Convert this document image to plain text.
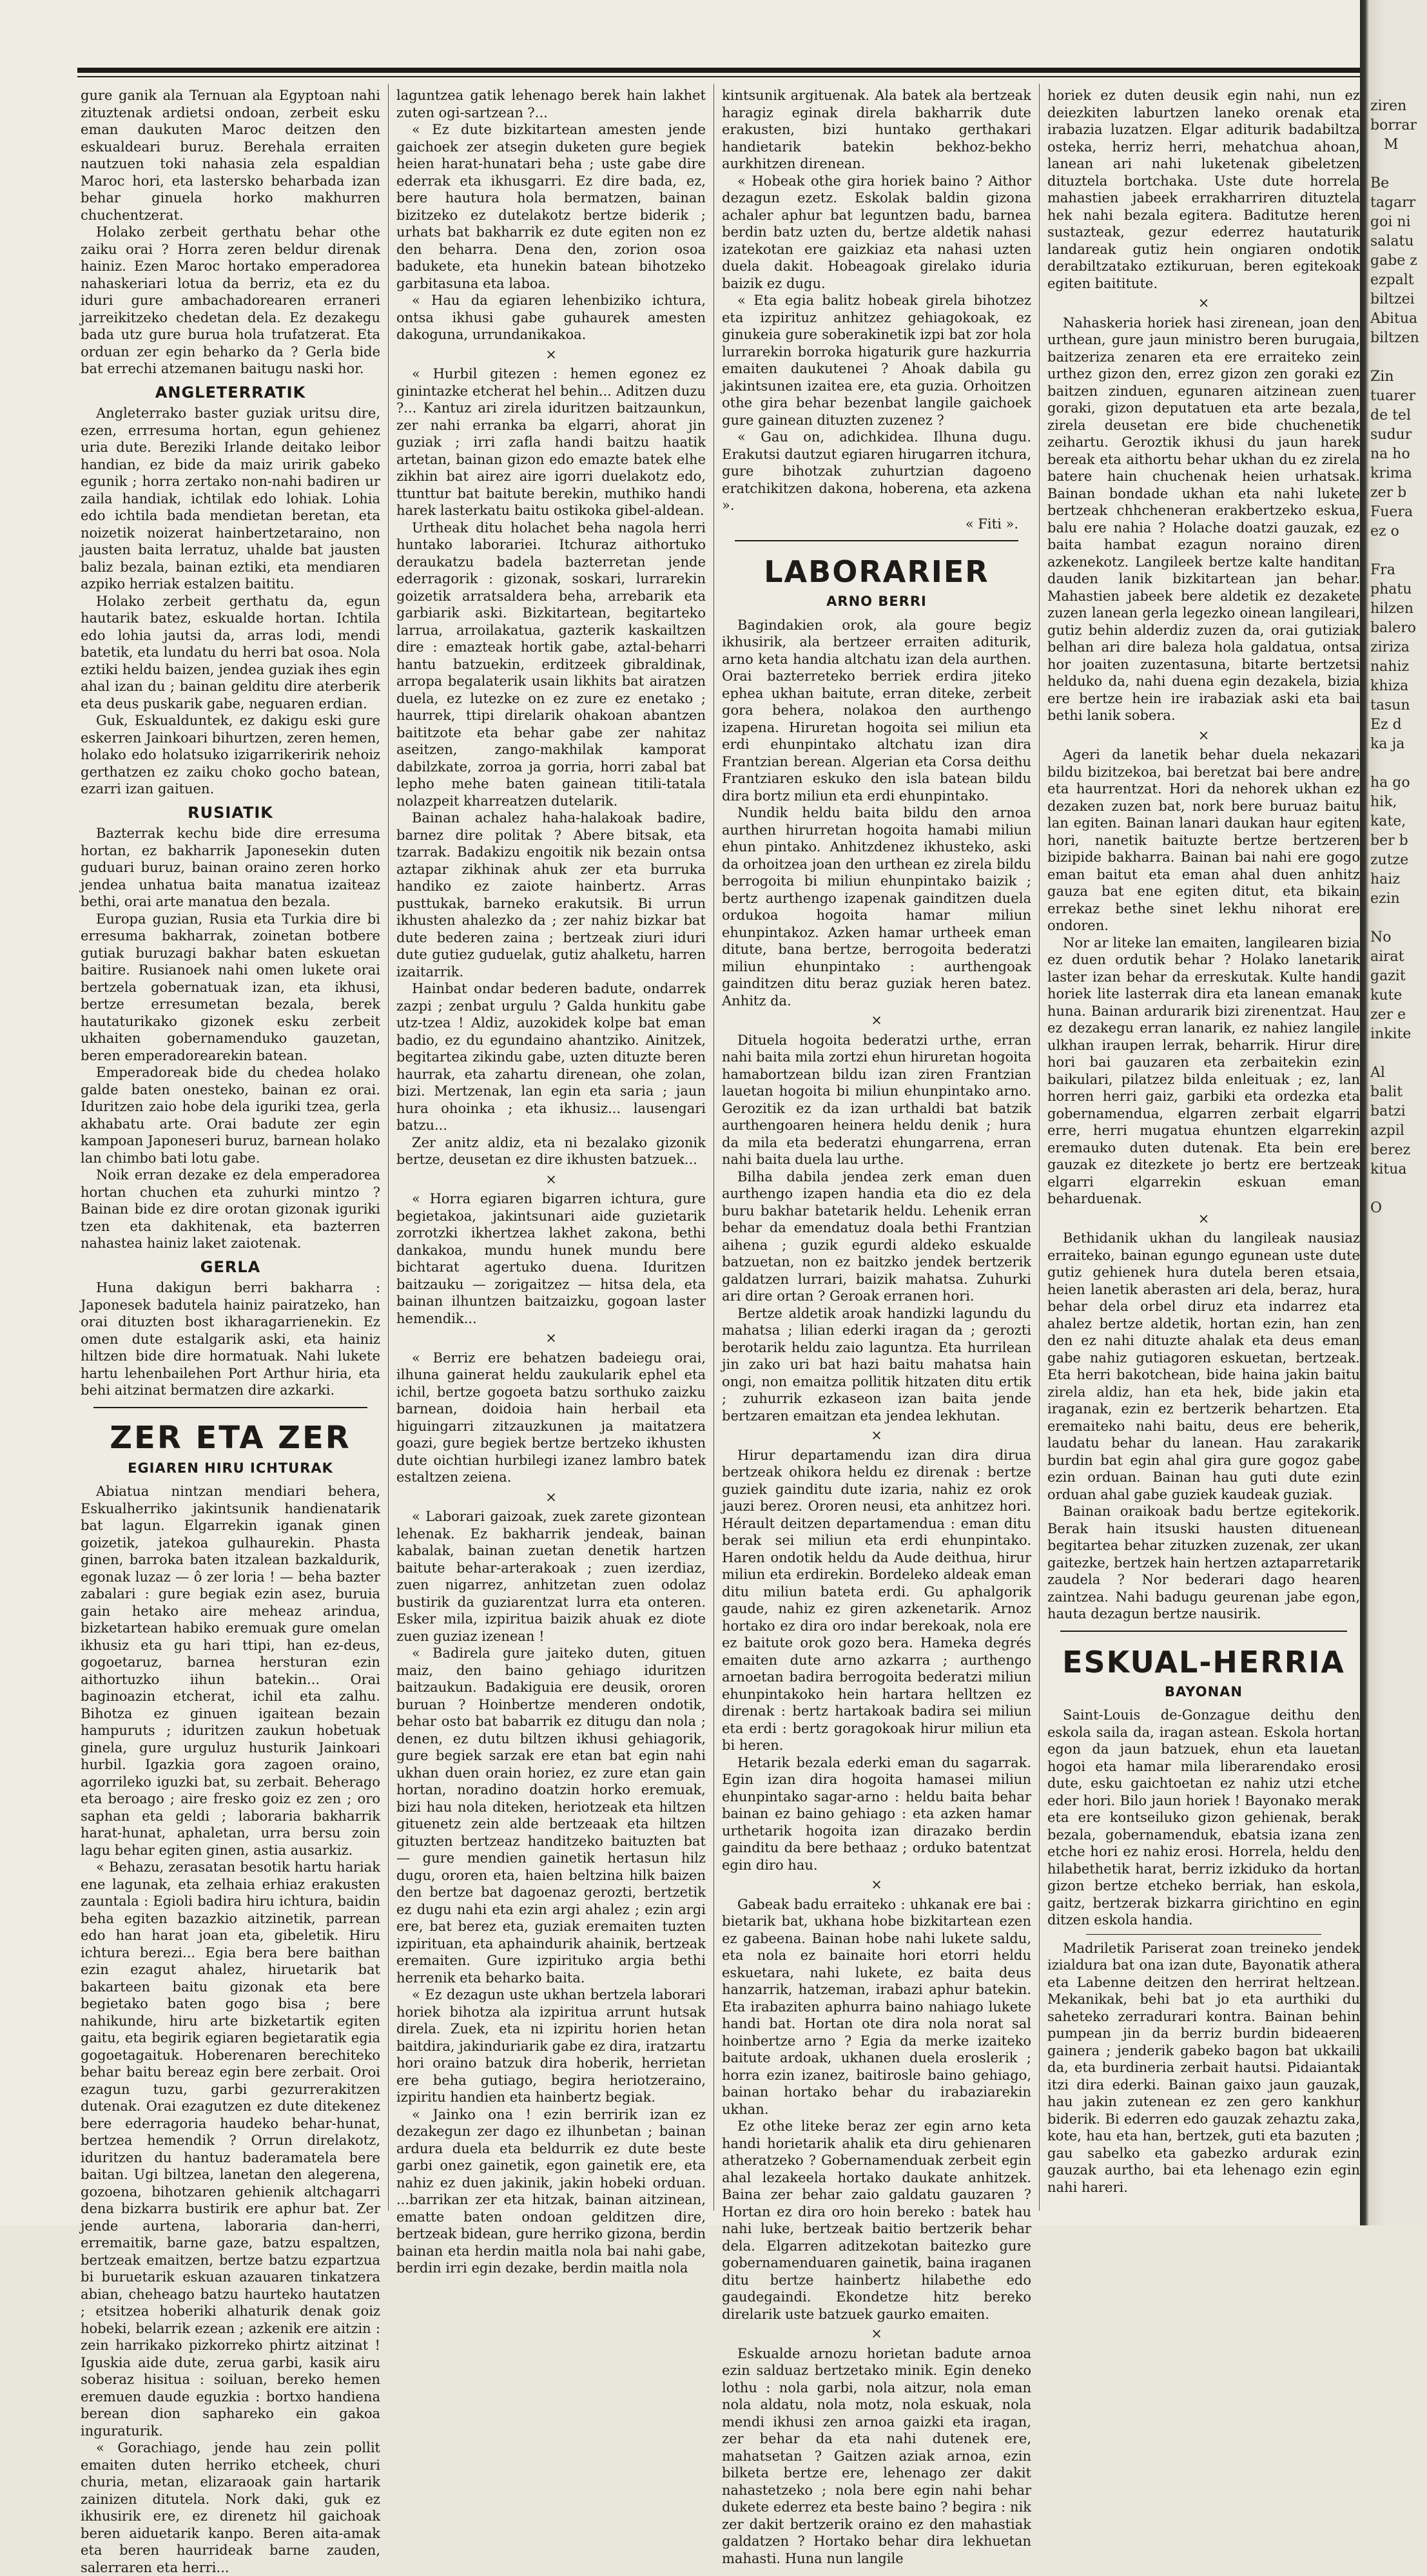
gure ganik ala Ternuan ala Egyptoan nahi zituztenak ardietsi ondoan, zerbeit esku eman daukuten Maroc deitzen den eskualdeari buruz. Berehala erraiten nautzuen toki nahasia zela espaldian Maroc hori, eta lastersko beharbada izan behar ginuela horko makhurren chuchentzerat.

Holako zerbeit gerthatu behar othe zaiku orai ? Horra zeren beldur direnak hainiz. Ezen Maroc hortako emperadorea nahaskeriari lotua da berriz, eta ez du iduri gure ambachadorearen erraneri jarreikitzeko chedetan dela. Ez dezakegu bada utz gure burua hola trufatzerat. Eta orduan zer egin beharko da ? Gerla bide bat errechi atzemanen baitugu naski hor.

ANGLETERRATIK

Angleterrako baster guziak uritsu dire, ezen, errresuma hortan, egun gehienez uria dute. Bereziki Irlande deitako leibor handian, ez bide da maiz uririk gabeko egunik ; horra zertako non-nahi badiren ur zaila handiak, ichtilak edo lohiak. Lohia edo ichtila bada mendietan beretan, eta noizetik noizerat hainbertzetaraino, non jausten baita lerratuz, uhalde bat jausten baliz bezala, bainan eztiki, eta mendiaren azpiko herriak estalzen baititu.

Holako zerbeit gerthatu da, egun hautarik batez, eskualde hortan. Ichtila edo lohia jautsi da, arras lodi, mendi batetik, eta lundatu du herri bat osoa. Nola eztiki heldu baizen, jendea guziak ihes egin ahal izan du ; bainan gelditu dire aterberik eta deus puskarik gabe, neguaren erdian.

Guk, Eskualduntek, ez dakigu eski gure eskerren Jainkoari bihurtzen, zeren hemen, holako edo holatsuko izigarrikeririk nehoiz gerthatzen ez zaiku choko gocho batean, ezarri izan gaituen.

RUSIATIK

Bazterrak kechu bide dire erresuma hortan, ez bakharrik Japonesekin duten guduari buruz, bainan oraino zeren horko jendea unhatua baita manatua izaiteaz bethi, orai arte manatua den bezala.

Europa guzian, Rusia eta Turkia dire bi erresuma bakharrak, zoinetan botbere gutiak buruzagi bakhar baten eskuetan baitire. Rusianoek nahi omen lukete orai bertzela gobernatuak izan, eta ikhusi, bertze erresumetan bezala, berek hautaturikako gizonek esku zerbeit ukhaiten gobernamenduko gauzetan, beren emperadorearekin batean.

Emperadoreak bide du chedea holako galde baten onesteko, bainan ez orai. Iduritzen zaio hobe dela iguriki tzea, gerla akhabatu arte. Orai badute zer egin kampoan Japoneseri buruz, barnean holako lan chimbo bati lotu gabe.

Noik erran dezake ez dela emperadorea hortan chuchen eta zuhurki mintzo ? Bainan bide ez dire orotan gizonak iguriki tzen eta dakhitenak, eta bazterren nahastea hainiz laket zaiotenak.

GERLA

Huna dakigun berri bakharra : Japonesek badutela hainiz pairatzeko, han orai dituzten bost ikharagarrienekin. Ez omen dute estalgarik aski, eta hainiz hiltzen bide dire hormatuak. Nahi lukete hartu lehenbailehen Port Arthur hiria, eta behi aitzinat bermatzen dire azkarki.

ZER ETA ZER
EGIAREN HIRU ICHTURAK

Abiatua nintzan mendiari behera, Eskualherriko jakintsunik handienatarik bat lagun. Elgarrekin iganak ginen goizetik, jatekoa gulhaurekin. Phasta ginen, barroka baten itzalean bazkaldurik, egonak luzaz — ô zer loria ! — beha bazter zabalari : gure begiak ezin asez, buruia gain hetako aire meheaz arindua, bizketartean habiko eremuak gure omelan ikhusiz eta gu hari ttipi, han ez-deus, gogoetaruz, barnea hersturan ezin aithortuzko iihun batekin... Orai baginoazin etcherat, ichil eta zalhu. Bihotza ez ginuen igaitean bezain hampuruts ; iduritzen zaukun hobetuak ginela, gure urguluz husturik Jainkoari hurbil. Igazkia gora zagoen oraino, agorrileko iguzki bat, su zerbait. Beherago eta beroago ; aire fresko goiz ez zen ; oro saphan eta geldi ; laboraria bakharrik harat-hunat, aphaletan, urra bersu zoin lagu behar egiten ginen, astia ausarkiz.

« Behazu, zerasatan besotik hartu hariak ene lagunak, eta zelhaia erhiaz erakusten zauntala : Egioli badira hiru ichtura, baidin beha egiten bazazkio aitzinetik, parrean edo han harat joan eta, gibeletik. Hiru ichtura berezi... Egia bera bere baithan ezin ezagut ahalez, hiruetarik bat bakarteen baitu gizonak eta bere begietako baten gogo bisa ; bere nahikunde, hiru arte bizketartik egiten gaitu, eta begirik egiaren begietaratik egia gogoetagaituk. Hoberenaren berechiteko behar baitu bereaz egin bere zerbait. Oroi ezagun tuzu, garbi gezurrerakitzen dutenak. Orai ezagutzen ez dute ditekenez bere ederragoria haudeko behar-hunat, bertzea hemendik ? Orrun direlakotz, iduritzen du hantuz baderamatela bere baitan. Ugi biltzea, lanetan den alegerena, gozoena, bihotzaren gehienik altchagarri dena bizkarra bustirik ere aphur bat. Zer jende aurtena, laboraria dan-herri, erremaitik, barne gaze, batzu espaltzen, bertzeak emaitzen, bertze batzu ezpartzua bi buruetarik eskuan azauaren tinkatzera abian, cheheago batzu haurteko hautatzen ; etsitzea hoberiki alhaturik denak goiz hobeki, belarrik ezean ; azkenik ere aitzin : zein harrikako pizkorreko phirtz aitzinat ! Iguskia aide dute, zerua garbi, kasik airu soberaz hisitua : soiluan, bereko hemen eremuen daude eguzkia : bortxo handiena berean dion saphareko ein gakoa inguraturik.

« Gorachiago, jende hau zein pollit emaiten duten herriko etcheek, churi churia, metan, elizaraoak gain hartarik zainizen ditutela. Nork daki, guk ez ikhusirik ere, ez direnetz hil gaichoak beren aiduetarik kanpo. Beren aita-amak eta beren haurrideak barne zauden, salerraren eta herri...

laguntzea gatik lehenago berek hain lakhet zuten ogi-sartzean ?...

« Ez dute bizkitartean amesten jende gaichoek zer atsegin duketen gure begiek heien harat-hunatari beha ; uste gabe dire ederrak eta ikhusgarri. Ez dire bada, ez, bere hautura hola bermatzen, bainan bizitzeko ez dutelakotz bertze biderik ; urhats bat bakharrik ez dute egiten non ez den beharra. Dena den, zorion osoa badukete, eta hunekin batean bihotzeko garbitasuna eta laboa.

« Hau da egiaren lehenbiziko ichtura, ontsa ikhusi gabe guhaurek amesten dakoguna, urrundanikakoa.

×

« Hurbil gitezen : hemen egonez ez ginintazke etcherat hel behin... Aditzen duzu ?... Kantuz ari zirela iduritzen baitzaunkun, zer nahi erranka ba elgarri, ahorat jin guziak ; irri zafla handi baitzu haatik artetan, bainan gizon edo emazte batek elhe zikhin bat airez aire igorri duelakotz edo, ttunttur bat baitute berekin, muthiko handi harek lasterkatu baitu ostikoka gibel-aldean.

Urtheak ditu holachet beha nagola herri huntako laborariei. Itchuraz aithortuko deraukatzu badela bazterretan jende ederragorik : gizonak, soskari, lurrarekin goizetik arratsaldera beha, arrebarik eta garbiarik aski. Bizkitartean, begitarteko larrua, arroilakatua, gazterik kaskailtzen dire : emazteak hortik gabe, aztal-beharri hantu batzuekin, erditzeek gibraldinak, arropa begalaterik usain likhits bat airatzen duela, ez lutezke on ez zure ez enetako ; haurrek, ttipi direlarik ohakoan abantzen baititzote eta behar gabe zer nahitaz aseitzen, zango-makhilak kamporat dabilzkate, zorroa ja gorria, horri zabal bat lepho mehe baten gainean titili-tatala nolazpeit kharreatzen dutelarik.

Bainan achalez haha-halakoak badire, barnez dire politak ? Abere bitsak, eta tzarrak. Badakizu engoitik nik bezain ontsa aztapar zikhinak ahuk zer eta burruka handiko ez zaiote hainbertz. Arras pusttukak, barneko erakutsik. Bi urrun ikhusten ahalezko da ; zer nahiz bizkar bat dute bederen zaina ; bertzeak ziuri iduri dute gutiez guduelak, gutiz ahalketu, harren izaitarrik.

Hainbat ondar bederen badute, ondarrek zazpi ; zenbat urgulu ? Galda hunkitu gabe utz-tzea ! Aldiz, auzokidek kolpe bat eman badio, ez du egundaino ahantziko. Ainitzek, begitartea zikindu gabe, uzten dituzte beren haurrak, eta zahartu direnean, ohe zolan, bizi. Mertzenak, lan egin eta saria ; jaun hura ohoinka ; eta ikhusiz... lausengari batzu...

Zer anitz aldiz, eta ni bezalako gizonik bertze, deusetan ez dire ikhusten batzuek...

×

« Horra egiaren bigarren ichtura, gure begietakoa, jakintsunari aide guzietarik zorrotzki ikhertzea lakhet zakona, bethi dankakoa, mundu hunek mundu bere bichtarat agertuko duena. Iduritzen baitzauku — zorigaitzez — hitsa dela, eta bainan ilhuntzen baitzaizku, gogoan laster hemendik...

×

« Berriz ere behatzen badeiegu orai, ilhuna gainerat heldu zaukularik ephel eta ichil, bertze gogoeta batzu sorthuko zaizku barnean, doidoia hain herbail eta higuingarri zitzauzkunen ja maitatzera goazi, gure begiek bertze bertzeko ikhusten dute oichtian hurbilegi izanez lambro batek estaltzen zeiena.

×

« Laborari gaizoak, zuek zarete gizontean lehenak. Ez bakharrik jendeak, bainan kabalak, bainan zuetan denetik hartzen baitute behar-arterakoak ; zuen izerdiaz, zuen nigarrez, anhitzetan zuen odolaz bustirik da guziarentzat lurra eta onteren. Esker mila, izpiritua baizik ahuak ez diote zuen guziaz izenean !

« Badirela gure jaiteko duten, gituen maiz, den baino gehiago iduritzen baitzaukun. Badakiguia ere deusik, ororen buruan ? Hoinbertze menderen ondotik, behar osto bat babarrik ez ditugu dan nola ; denen, ez dutu biltzen ikhusi gehiagorik, gure begiek sarzak ere etan bat egin nahi ukhan duen orain horiez, ez zure etan gain hortan, noradino doatzin horko eremuak, bizi hau nola diteken, heriotzeak eta hiltzen gituenetz zein alde bertzeaak eta hiltzen gituzten bertzeaz handitzeko baituzten bat — gure mendien gainetik hertasun hilz dugu, ororen eta, haien beltzina hilk baizen den bertze bat dagoenaz gerozti, bertzetik ez dugu nahi eta ezin argi ahalez ; ezin argi ere, bat berez eta, guziak eremaiten tuzten izpirituan, eta aphaindurik ahainik, bertzeak eremaiten. Gure izpirituko argia bethi herrenik eta beharko baita.

« Ez dezagun uste ukhan bertzela laborari horiek bihotza ala izpiritua arrunt hutsak direla. Zuek, eta ni izpiritu horien hetan baitdira, jakinduriarik gabe ez dira, iratzartu hori oraino batzuk dira hoberik, herrietan ere beha gutiago, begira heriotzeraino, izpiritu handien eta hainbertz begiak.

« Jainko ona ! ezin berririk izan ez dezakegun zer dago ez ilhunbetan ; bainan ardura duela eta beldurrik ez dute beste garbi onez gainetik, egon gainetik ere, eta nahiz ez duen jakinik, jakin hobeki orduan. ...barrikan zer eta hitzak, bainan aitzinean, ematte baten ondoan gelditzen dire, bertzeak bidean, gure herriko gizona, berdin bainan eta herdin maitla nola bai nahi gabe, berdin irri egin dezake, berdin maitla nola

kintsunik argituenak. Ala batek ala bertzeak haragiz eginak direla bakharrik dute erakusten, bizi huntako gerthakari handietarik batekin bekhoz-bekho aurkhitzen direnean.

« Hobeak othe gira horiek baino ? Aithor dezagun ezetz. Eskolak baldin gizona achaler aphur bat leguntzen badu, barnea berdin batz uzten du, bertze aldetik nahasi izatekotan ere gaizkiaz eta nahasi uzten duela dakit. Hobeagoak girelako iduria baizik ez dugu.

« Eta egia balitz hobeak girela bihotzez eta izpirituz anhitzez gehiagokoak, ez ginukeia gure soberakinetik izpi bat zor hola lurrarekin borroka higaturik gure hazkurria emaiten daukutenei ? Ahoak dabila gu jakintsunen izaitea ere, eta guzia. Orhoitzen othe gira behar bezenbat langile gaichoek gure gainean dituzten zuzenez ?

« Gau on, adichkidea. Ilhuna dugu. Erakutsi dautzut egiaren hirugarren itchura, gure bihotzak zuhurtzian dagoeno eratchikitzen dakona, hoberena, eta azkena ».

« Fiti ».
LABORARIER
ARNO BERRI

Bagindakien orok, ala goure begiz ikhusirik, ala bertzeer erraiten aditurik, arno keta handia altchatu izan dela aurthen. Orai bazterreteko berriek erdira jiteko ephea ukhan baitute, erran diteke, zerbeit gora behera, nolakoa den aurthengo izapena. Hiruretan hogoita sei miliun eta erdi ehunpintako altchatu izan dira Frantzian berean. Algerian eta Corsa deithu Frantziaren eskuko den isla batean bildu dira bortz miliun eta erdi ehunpintako.

Nundik heldu baita bildu den arnoa aurthen hirurretan hogoita hamabi miliun ehun pintako. Anhitzdenez ikhusteko, aski da orhoitzea joan den urthean ez zirela bildu berrogoita bi miliun ehunpintako baizik ; bertz aurthengo izapenak gainditzen duela ordukoa hogoita hamar miliun ehunpintakoz. Azken hamar urtheek eman ditute, bana bertze, berrogoita bederatzi miliun ehunpintako : aurthengoak gainditzen ditu beraz guziak heren batez. Anhitz da.

×

Dituela hogoita bederatzi urthe, erran nahi baita mila zortzi ehun hiruretan hogoita hamabortzean bildu izan ziren Frantzian lauetan hogoita bi miliun ehunpintako arno. Gerozitik ez da izan urthaldi bat batzik aurthengoaren heinera heldu denik ; hura da mila eta bederatzi ehungarrena, erran nahi baita duela lau urthe.

Bilha dabila jendea zerk eman duen aurthengo izapen handia eta dio ez dela buru bakhar batetarik heldu. Lehenik erran behar da emendatuz doala bethi Frantzian aihena ; guzik egurdi aldeko eskualde batzuetan, non ez baitzko jendek bertzerik galdatzen lurrari, baizik mahatsa. Zuhurki ari dire ortan ? Geroak erranen hori.

Bertze aldetik aroak handizki lagundu du mahatsa ; lilian ederki iragan da ; gerozti berotarik heldu zaio laguntza. Eta hurrilean jin zako uri bat hazi baitu mahatsa hain ongi, non emaitza pollitik hitzaten ditu ertik ; zuhurrik ezkaseon izan baita jende bertzaren emaitzan eta jendea lekhutan.

×

Hirur departamendu izan dira dirua bertzeak ohikora heldu ez direnak : bertze guziek gainditu dute izaria, nahiz ez orok jauzi berez. Ororen neusi, eta anhitzez hori. Hérault deitzen departamendua : eman ditu berak sei miliun eta erdi ehunpintako. Haren ondotik heldu da Aude deithua, hirur miliun eta erdirekin. Bordeleko aldeak eman ditu miliun bateta erdi. Gu aphalgorik gaude, nahiz ez giren azkenetarik. Arnoz hortako ez dira oro indar berekoak, nola ere ez baitute orok gozo bera. Hameka degrés emaiten dute arno azkarra ; aurthengo arnoetan badira berrogoita bederatzi miliun ehunpintakoko hein hartara helltzen ez direnak : bertz hartakoak badira sei miliun eta erdi : bertz goragokoak hirur miliun eta bi heren.

Hetarik bezala ederki eman du sagarrak. Egin izan dira hogoita hamasei miliun ehunpintako sagar-arno : heldu baita behar bainan ez baino gehiago : eta azken hamar urthetarik hogoita izan dirazako berdin gainditu da bere bethaaz ; orduko batentzat egin diro hau.

×

Gabeak badu erraiteko : uhkanak ere bai : bietarik bat, ukhana hobe bizkitartean ezen ez gabeena. Bainan hobe nahi lukete saldu, eta nola ez bainaite hori etorri heldu eskuetara, nahi lukete, ez baita deus hanzarrik, hatzeman, irabazi aphur batekin. Eta irabaziten aphurra baino nahiago lukete handi bat. Hortan ote dira nola norat sal hoinbertze arno ? Egia da merke izaiteko baitute ardoak, ukhanen duela eroslerik ; horra ezin izanez, baitirosle baino gehiago, bainan hortako behar du irabaziarekin ukhan.

Ez othe liteke beraz zer egin arno keta handi horietarik ahalik eta diru gehienaren atheratzeko ? Gobernamenduak zerbeit egin ahal lezakeela hortako daukate anhitzek. Baina zer behar zaio galdatu gauzaren ? Hortan ez dira oro hoin bereko : batek hau nahi luke, bertzeak baitio bertzerik behar dela. Elgarren aditzekotan baitezko gure gobernamenduaren gainetik, baina iraganen ditu bertze hainbertz hilabethe edo gaudegaindi. Ekondetze hitz bereko direlarik uste batzuek gaurko emaiten.

×

Eskualde arnozu horietan badute arnoa ezin salduaz bertzetako minik. Egin deneko lothu : nola garbi, nola aitzur, nola eman nola aldatu, nola motz, nola eskuak, nola mendi ikhusi zen arnoa gaizki eta iragan, zer behar da eta nahi dutenek ere, mahatsetan ? Gaitzen aziak arnoa, ezin bilketa bertze ere, lehenago zer dakit nahastetzeko ; nola bere egin nahi behar dukete ederrez eta beste baino ? begira : nik zer dakit bertzerik oraino ez den mahastiak galdatzen ? Hortako behar dira lekhuetan mahasti. Huna nun langile

horiek ez duten deusik egin nahi, nun ez deiezkiten laburtzen laneko orenak eta irabazia luzatzen. Elgar aditurik badabiltza osteka, herriz herri, mehatchua ahoan, lanean ari nahi luketenak gibeletzen dituztela bortchaka. Uste dute horrela mahastien jabeek errakharriren dituztela hek nahi bezala egitera. Baditutze heren sustazteak, gezur ederrez hautaturik landareak gutiz hein ongiaren ondotik derabiltzatako eztikuruan, beren egitekoak egiten baititute.

×

Nahaskeria horiek hasi zirenean, joan den urthean, gure jaun ministro beren burugaia, baitzeriza zenaren eta ere erraiteko zein urthez gizon den, errez gizon zen goraki ez baitzen zinduen, egunaren aitzinean zuen goraki, gizon deputatuen eta arte bezala, zirela deusetan ere bide chuchenetik zeihartu. Geroztik ikhusi du jaun harek bereak eta aithortu behar ukhan du ez zirela batere hain chuchenak heien urhatsak. Bainan bondade ukhan eta nahi lukete bertzeak chhcheneran erakbertzeko eskua, balu ere nahia ? Holache doatzi gauzak, ez baita hambat ezagun noraino diren azkenekotz. Langileek bertze kalte handitan dauden lanik bizkitartean jan behar. Mahastien jabeek bere aldetik ez dezakete zuzen lanean gerla legezko oinean langileari, gutiz behin alderdiz zuzen da, orai gutiziak belhan ari dire baleza hola galdatua, ontsa hor joaiten zuzentasuna, bitarte bertzetsi helduko da, nahi duena egin dezakela, bizia ere bertze hein ire irabaziak aski eta bai bethi lanik sobera.

×

Ageri da lanetik behar duela nekazari bildu bizitzekoa, bai beretzat bai bere andre eta haurrentzat. Hori da nehorek ukhan ez dezaken zuzen bat, nork bere buruaz baitu lan egiten. Bainan lanari daukan haur egiten hori, nanetik baituzte bertze bertzeren bizipide bakharra. Bainan bai nahi ere gogo eman baitut eta eman ahal duen anhitz gauza bat ene egiten ditut, eta bikain errekaz bethe sinet lekhu nihorat ere ondoren.

Nor ar liteke lan emaiten, langilearen bizia ez duen ordutik behar ? Holako lanetarik laster izan behar da erreskutak. Kulte handi horiek lite lasterrak dira eta lanean emanak huna. Bainan ardurarik bizi zirenentzat. Hau ez dezakegu erran lanarik, ez nahiez langile ulkhan iraupen lerrak, beharrik. Hirur dire hori bai gauzaren eta zerbaitekin ezin baikulari, pilatzez bilda enleituak ; ez, lan horren herri gaiz, garbiki eta ordezka eta gobernamendua, elgarren zerbait elgarri erre, herri mugatua ehuntzen elgarrekin eremauko duten dutenak. Eta bein ere gauzak ez ditezkete jo bertz ere bertzeak elgarri elgarrekin eskuan eman beharduenak.

×

Bethidanik ukhan du langileak nausiaz erraiteko, bainan egungo egunean uste dute gutiz gehienek hura dutela beren etsaia, heien lanetik aberasten ari dela, beraz, hura behar dela orbel diruz eta indarrez eta ahalez bertze aldetik, hortan ezin, han zen den ez nahi dituzte ahalak eta deus eman gabe nahiz gutiagoren eskuetan, bertzeak. Eta herri bakotchean, bide haina jakin baitu zirela aldiz, han eta hek, bide jakin eta iraganak, ezin ez bertzerik behartzen. Eta eremaiteko nahi baitu, deus ere beherik, laudatu behar du lanean. Hau zarakarik burdin bat egin ahal gira gure gogoz gabe ezin orduan. Bainan hau guti dute ezin orduan ahal gabe guziek kaudeak guziak.

Bainan oraikoak badu bertze egitekorik. Berak hain itsuski hausten dituenean begitartea behar zituzken zuzenak, zer ukan gaitezke, bertzek hain hertzen aztaparretarik zaudela ? Nor bederari dago hearen zaintzea. Nahi badugu geurenan jabe egon, hauta dezagun bertze nausirik.

ESKUAL-HERRIA
BAYONAN

Saint-Louis de-Gonzague deithu den eskola saila da, iragan astean. Eskola hortan egon da jaun batzuek, ehun eta lauetan hogoi eta hamar mila liberarendako erosi dute, esku gaichtoetan ez nahiz utzi etche eder hori. Bilo jaun horiek ! Bayonako merak eta ere kontseiluko gizon gehienak, berak bezala, gobernamenduk, ebatsia izana zen etche hori ez nahiz erosi. Horrela, heldu den hilabethetik harat, berriz izkiduko da hortan gizon bertze etcheko berriak, han eskola, gaitz, bertzerak bizkarra girichtino en egin ditzen eskola handia.

Madriletik Pariserat zoan treineko jendek izialdura bat ona izan dute, Bayonatik athera eta Labenne deitzen den herrirat heltzean. Mekanikak, behi bat jo eta aurthiki du saheteko zerradurari kontra. Bainan behin pumpean jin da berriz burdin bideaeren gainera ; jenderik gabeko bagon bat ukkaili da, eta burdineria zerbait hautsi. Pidaiantak itzi dira ederki. Bainan gaixo jaun gauzak, hau jakin zutenean ez zen gero kankhur biderik. Bi ederren edo gauzak zehaztu zaka, kote, hau eta han, bertzek, guti eta bazuten ; gau sabelko eta gabezko ardurak ezin gauzak aurtho, bai eta lehenago ezin egin nahi hareri.

ziren
borrar
M

Be
tagarr
goi ni
salatu
gabe z
ezpalt
biltzei
Abitua
biltzen

Zin
tuarer
de tel
sudur
na ho
krima
zer b
Fuera
ez o

Fra
phatu
hilzen
balero
ziriza
nahiz
khiza
tasun
Ez d
ka ja

ha go
hik,
kate,
ber b
zutze
haiz
ezin

No
airat
gazit
kute
zer e
inkite

Al
balit
batzi
azpil
berez
kitua

O
